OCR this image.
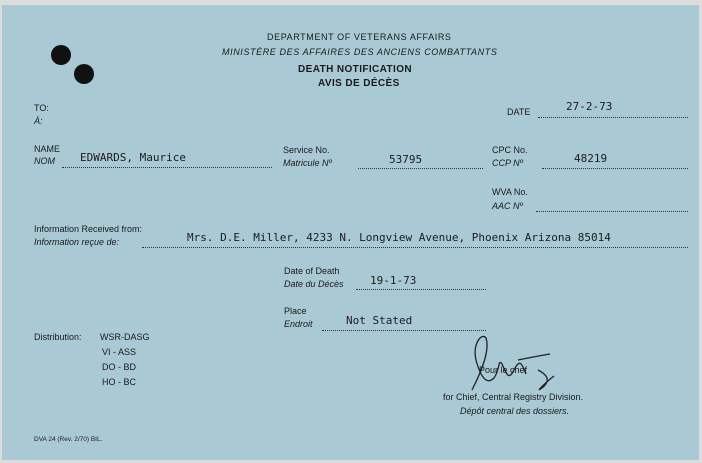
DEPARTMENT OF VETERANS AFFAIRS
MINISTÈRE DES AFFAIRES DES ANCIENS COMBATTANTS
DEATH NOTIFICATION
AVIS DE DÉCÈS
TO:
À:
DATE	27-2-73
NAME
NOM EDWARDS, Maurice
Service No.
Matricule Nº	53795
CPC No.
CCP Nº	48219
WVA No.
AAC Nº
Information Received from:
Information reçue de:	Mrs. D.E. Miller, 4233 N. Longview Avenue, Phoenix Arizona 85014
Date of Death
Date du Décès 19-1-73
Place
Endroit	Not Stated
Distribution: WSR-DASG
VI - ASS
DO - BD
HO - BC
Pour le chef
for Chief, Central Registry Division.
Dépôt central des dossiers.
DVA 24 (Rev. 2/70) BIL.
